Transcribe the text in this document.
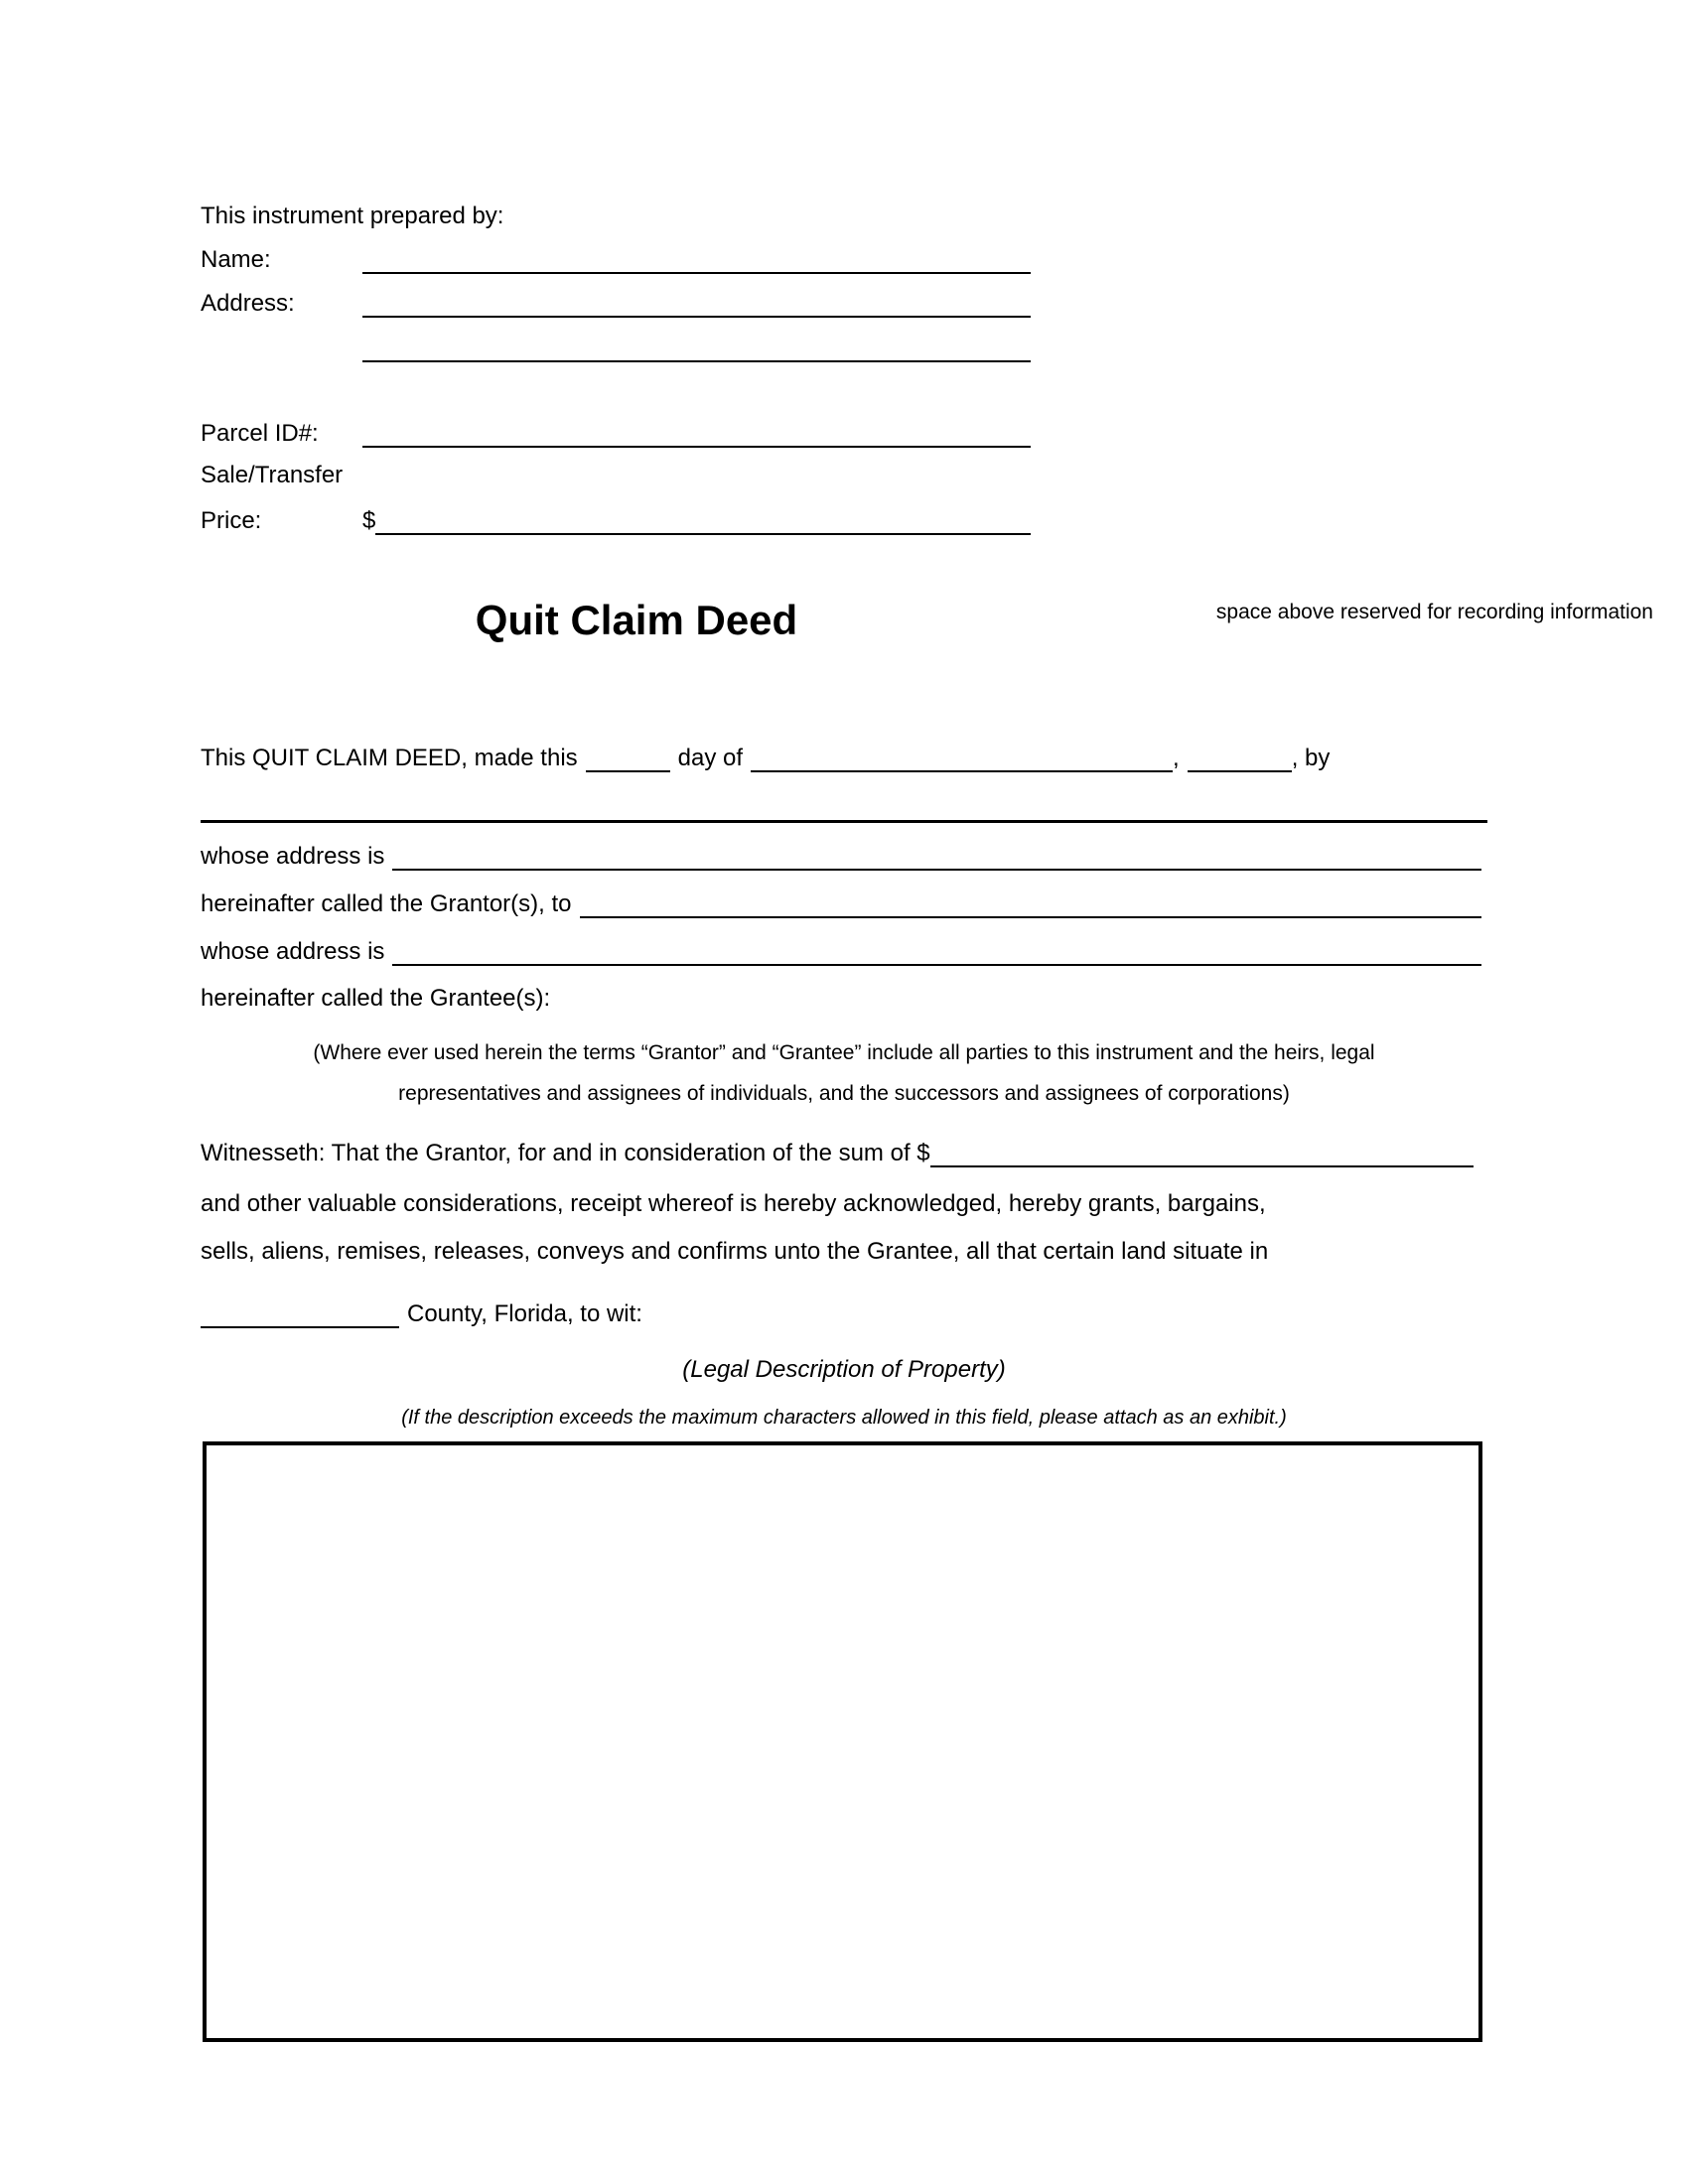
This instrument prepared by:
Name:
Address:
Parcel ID#:
Sale/Transfer
Price:	$
Quit Claim Deed	space above reserved for recording information
This QUIT CLAIM DEED, made this	day of	,	, by
whose address is
hereinafter called the Grantor(s), to
whose address is
hereinafter called the Grantee(s):
(Where ever used herein the terms “Grantor” and “Grantee” include all parties to this instrument and the heirs, legal
representatives and assignees of individuals, and the successors and assignees of corporations)
Witnesseth: That the Grantor, for and in consideration of the sum of $
and other valuable considerations, receipt whereof is hereby acknowledged, hereby grants, bargains,
sells, aliens, remises, releases, conveys and confirms unto the Grantee, all that certain land situate in
County, Florida, to wit:
(Legal Description of Property)
(If the description exceeds the maximum characters allowed in this field, please attach as an exhibit.)
